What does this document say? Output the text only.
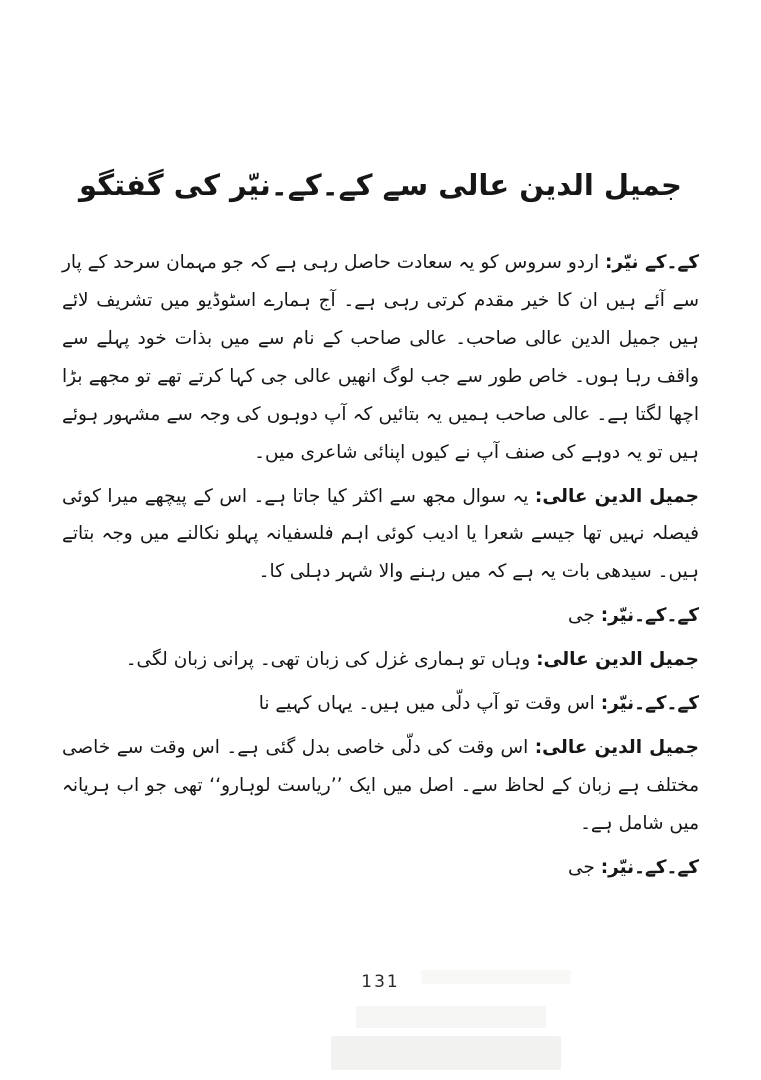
جمیل الدین عالی سے کے۔کے۔نیّر کی گفتگو

کے۔کے نیّر: اردو سروس کو یہ سعادت حاصل رہی ہے کہ جو مہمان سرحد کے پار سے آئے ہیں ان کا خیر مقدم کرتی رہی ہے۔ آج ہمارے اسٹوڈیو میں تشریف لائے ہیں جمیل الدین عالی صاحب۔ عالی صاحب کے نام سے میں بذات خود پہلے سے واقف رہا ہوں۔ خاص طور سے جب لوگ انھیں عالی جی کہا کرتے تھے تو مجھے بڑا اچھا لگتا ہے۔ عالی صاحب ہمیں یہ بتائیں کہ آپ دوہوں کی وجہ سے مشہور ہوئے ہیں تو یہ دوہے کی صنف آپ نے کیوں اپنائی شاعری میں۔

جمیل الدین عالی: یہ سوال مجھ سے اکثر کیا جاتا ہے۔ اس کے پیچھے میرا کوئی فیصلہ نہیں تھا جیسے شعرا یا ادیب کوئی اہم فلسفیانہ پہلو نکالنے میں وجہ بتاتے ہیں۔ سیدھی بات یہ ہے کہ میں رہنے والا شہر دہلی کا۔

کے۔کے۔نیّر: جی

جمیل الدین عالی: وہاں تو ہماری غزل کی زبان تھی۔ پرانی زبان لگی۔

کے۔کے۔نیّر: اس وقت تو آپ دلّی میں ہیں۔ یہاں کہیے نا

جمیل الدین عالی: اس وقت کی دلّی خاصی بدل گئی ہے۔ اس وقت سے خاصی مختلف ہے زبان کے لحاظ سے۔ اصل میں ایک ’’ریاست لوہارو‘‘ تھی جو اب ہریانہ میں شامل ہے۔

کے۔کے۔نیّر: جی

131
